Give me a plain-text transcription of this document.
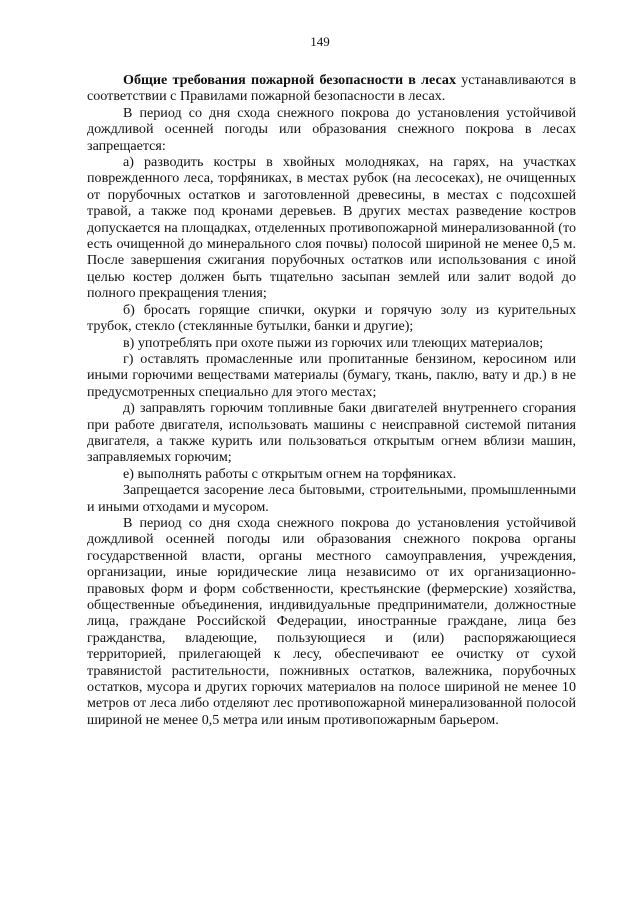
149

Общие требования пожарной безопасности в лесах устанавливаются в соответствии с Правилами пожарной безопасности в лесах.

В период со дня схода снежного покрова до установления устойчивой дождливой осенней погоды или образования снежного покрова в лесах запрещается:

а) разводить костры в хвойных молодняках, на гарях, на участках поврежденного леса, торфяниках, в местах рубок (на лесосеках), не очищенных от порубочных остатков и заготовленной древесины, в местах с подсохшей травой, а также под кронами деревьев. В других местах разведение костров допускается на площадках, отделенных противопожарной минерализованной (то есть очищенной до минерального слоя почвы) полосой шириной не менее 0,5 м. После завершения сжигания порубочных остатков или использования с иной целью костер должен быть тщательно засыпан землей или залит водой до полного прекращения тления;

б) бросать горящие спички, окурки и горячую золу из курительных трубок, стекло (стеклянные бутылки, банки и другие);

в) употреблять при охоте пыжи из горючих или тлеющих материалов;

г) оставлять промасленные или пропитанные бензином, керосином или иными горючими веществами материалы (бумагу, ткань, паклю, вату и др.) в не предусмотренных специально для этого местах;

д) заправлять горючим топливные баки двигателей внутреннего сгорания при работе двигателя, использовать машины с неисправной системой питания двигателя, а также курить или пользоваться открытым огнем вблизи машин, заправляемых горючим;

е) выполнять работы с открытым огнем на торфяниках.

Запрещается засорение леса бытовыми, строительными, промышленными и иными отходами и мусором.

В период со дня схода снежного покрова до установления устойчивой дождливой осенней погоды или образования снежного покрова органы государственной власти, органы местного самоуправления, учреждения, организации, иные юридические лица независимо от их организационно-правовых форм и форм собственности, крестьянские (фермерские) хозяйства, общественные объединения, индивидуальные предприниматели, должностные лица, граждане Российской Федерации, иностранные граждане, лица без гражданства, владеющие, пользующиеся и (или) распоряжающиеся территорией, прилегающей к лесу, обеспечивают ее очистку от сухой травянистой растительности, пожнивных остатков, валежника, порубочных остатков, мусора и других горючих материалов на полосе шириной не менее 10 метров от леса либо отделяют лес противопожарной минерализованной полосой шириной не менее 0,5 метра или иным противопожарным барьером.
